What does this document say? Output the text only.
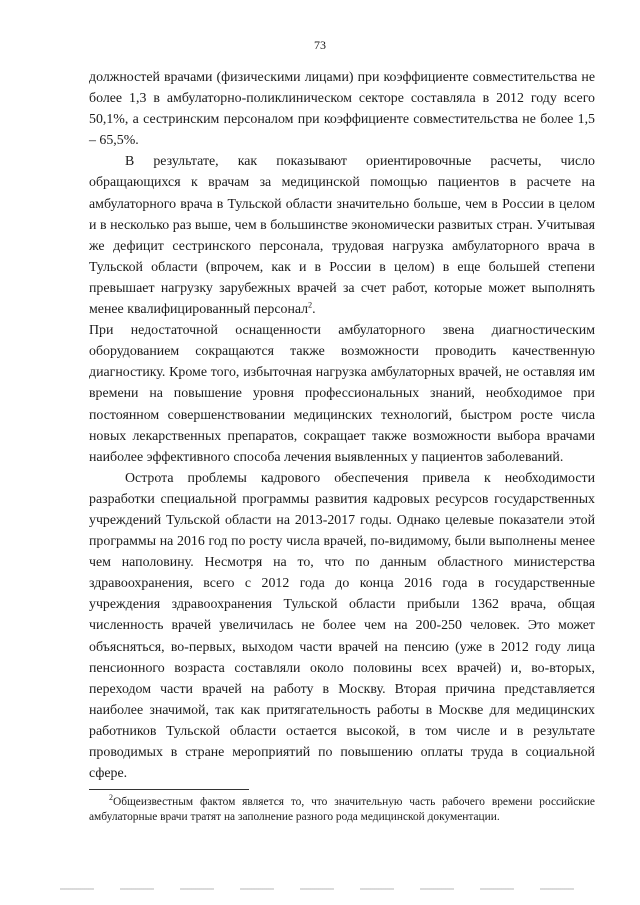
73

должностей врачами (физическими лицами) при коэффициенте совместительства не более 1,3 в амбулаторно-поликлиническом секторе составляла в 2012 году всего 50,1%, а сестринским персоналом при коэффициенте совместительства не более 1,5 – 65,5%.

В результате, как показывают ориентировочные расчеты, число обращающихся к врачам за медицинской помощью пациентов в расчете на амбулаторного врача в Тульской области значительно больше, чем в России в целом и в несколько раз выше, чем в большинстве экономически развитых стран. Учитывая же дефицит сестринского персонала, трудовая нагрузка амбулаторного врача в Тульской области (впрочем, как и в России в целом) в еще большей степени превышает нагрузку зарубежных врачей за счет работ, которые может выполнять менее квалифицированный персонал$^2$.

При недостаточной оснащенности амбулаторного звена диагностическим оборудованием сокращаются также возможности проводить качественную диагностику. Кроме того, избыточная нагрузка амбулаторных врачей, не оставляя им времени на повышение уровня профессиональных знаний, необходимое при постоянном совершенствовании медицинских технологий, быстром росте числа новых лекарственных препаратов, сокращает также возможности выбора врачами наиболее эффективного способа лечения выявленных у пациентов заболеваний.

Острота проблемы кадрового обеспечения привела к необходимости разработки специальной программы развития кадровых ресурсов государственных учреждений Тульской области на 2013-2017 годы. Однако целевые показатели этой программы на 2016 год по росту числа врачей, по-видимому, были выполнены менее чем наполовину. Несмотря на то, что по данным областного министерства здравоохранения, всего с 2012 года до конца 2016 года в государственные учреждения здравоохранения Тульской области прибыли 1362 врача, общая численность врачей увеличилась не более чем на 200-250 человек. Это может объясняться, во-первых, выходом части врачей на пенсию (уже в 2012 году лица пенсионного возраста составляли около половины всех врачей) и, во-вторых, переходом части врачей на работу в Москву. Вторая причина представляется наиболее значимой, так как притягательность работы в Москве для медицинских работников Тульской области остается высокой, в том числе и в результате проводимых в стране мероприятий по повышению оплаты труда в социальной сфере.

$^2$Общеизвестным фактом является то, что значительную часть рабочего времени российские амбулаторные врачи тратят на заполнение разного рода медицинской документации.
